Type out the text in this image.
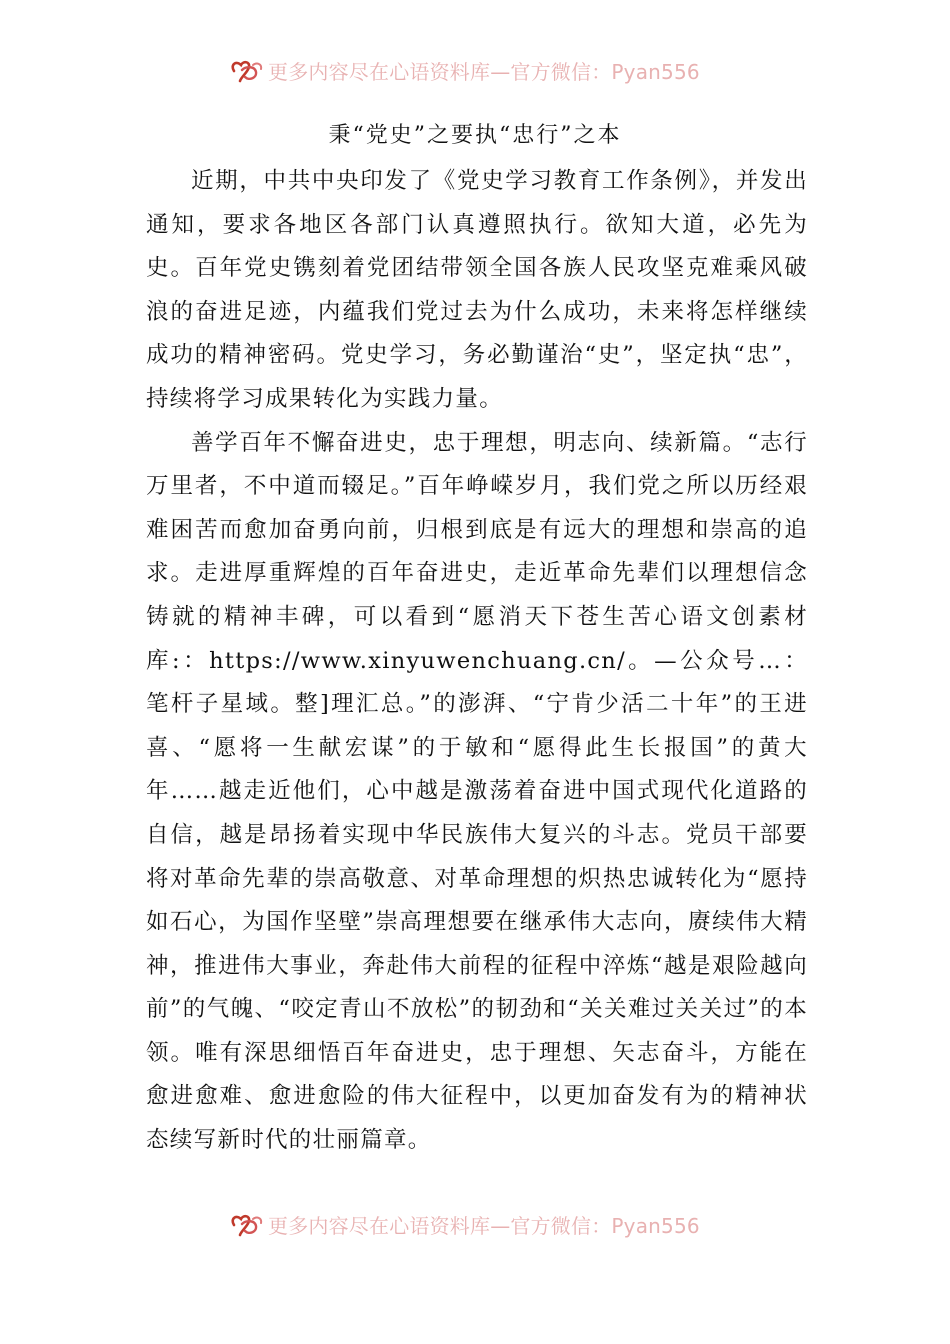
更多内容尽在心语资料库—官方微信：Pyan556
秉“党史”之要执“忠行”之本

近期，中共中央印发了《党史学习教育工作条例》，并发出通知，要求各地区各部门认真遵照执行。欲知大道，必先为史。百年党史镌刻着党团结带领全国各族人民攻坚克难乘风破浪的奋进足迹，内蕴我们党过去为什么成功，未来将怎样继续成功的精神密码。党史学习，务必勤谨治“史”，坚定执“忠”，持续将学习成果转化为实践力量。

善学百年不懈奋进史，忠于理想，明志向、续新篇。“志行万里者，不中道而辍足。”百年峥嵘岁月，我们党之所以历经艰难困苦而愈加奋勇向前，归根到底是有远大的理想和崇高的追求。走进厚重辉煌的百年奋进史，走近革命先辈们以理想信念铸就的精神丰碑，可以看到“愿消天下苍生苦心语文创素材库:：https://www.xinyuwenchuang.cn/。—公众号…：笔杆子星域。整]理汇总。”的澎湃、“宁肯少活二十年”的王进喜、“愿将一生献宏谋”的于敏和“愿得此生长报国”的黄大年……越走近他们，心中越是激荡着奋进中国式现代化道路的自信，越是昂扬着实现中华民族伟大复兴的斗志。党员干部要将对革命先辈的崇高敬意、对革命理想的炽热忠诚转化为“愿持如石心，为国作坚壁”崇高理想要在继承伟大志向，赓续伟大精神，推进伟大事业，奔赴伟大前程的征程中淬炼“越是艰险越向前”的气魄、“咬定青山不放松”的韧劲和“关关难过关关过”的本领。唯有深思细悟百年奋进史，忠于理想、矢志奋斗，方能在愈进愈难、愈进愈险的伟大征程中，以更加奋发有为的精神状态续写新时代的壮丽篇章。

更多内容尽在心语资料库—官方微信：Pyan556
